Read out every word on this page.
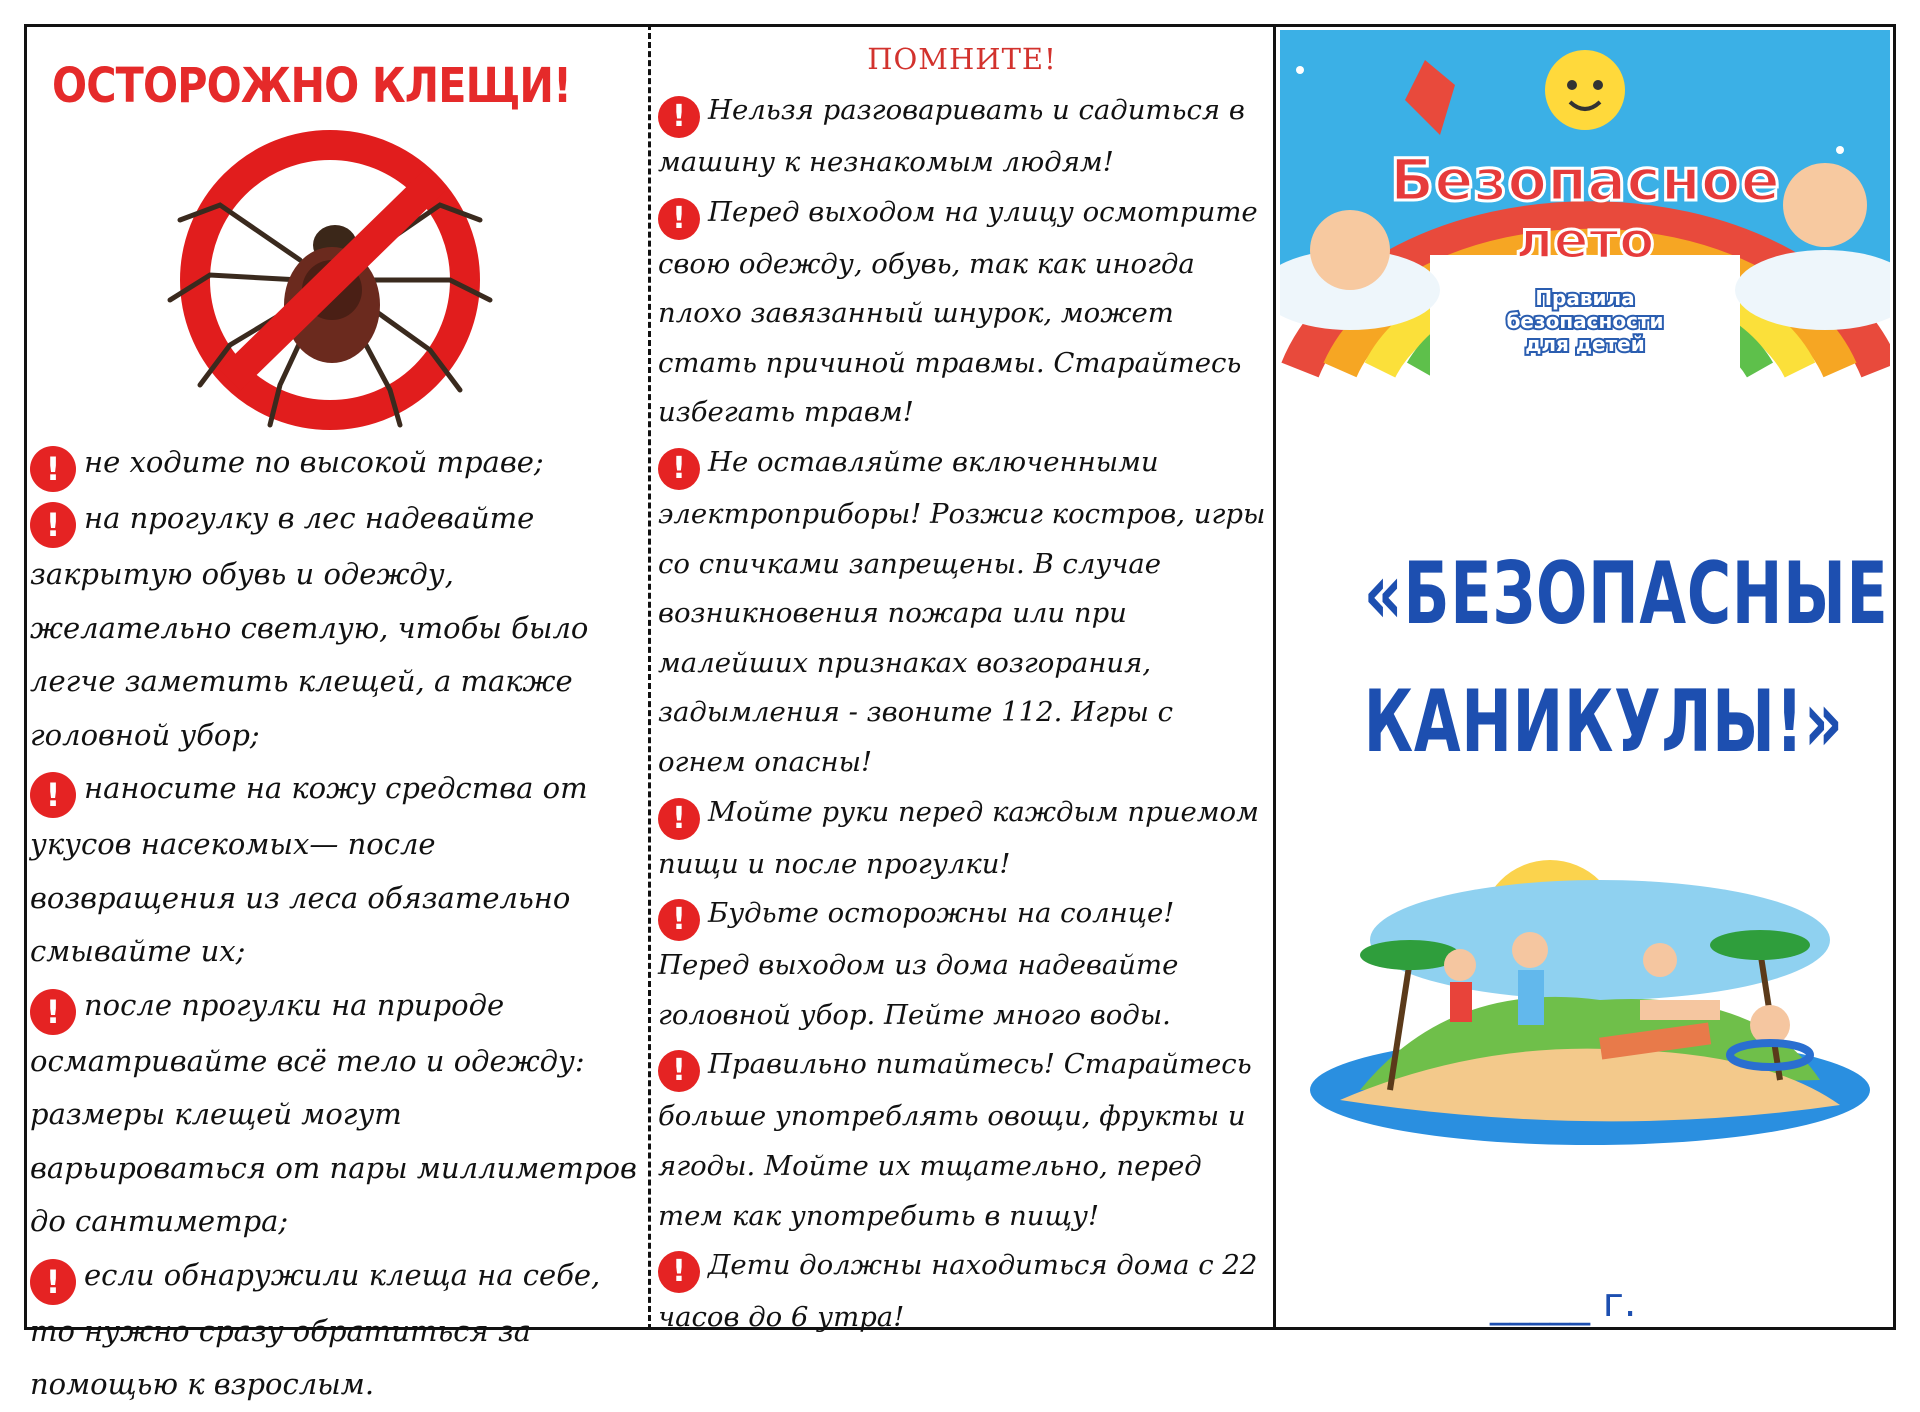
ОСТОРОЖНО КЛЕЩИ!

! не ходите по высокой траве;

! на прогулку в лес надевайте закрытую обувь и одежду, желательно светлую, чтобы было легче заметить клещей, а также головной убор;

! наносите на кожу средства от укусов насекомых— после возвращения из леса обязательно смывайте их;

! после прогулки на природе осматривайте всё тело и одежду: размеры клещей могут варьироваться от пары миллиметров до сантиметра;

! если обнаружили клеща на себе, то нужно сразу обратиться за помощью к взрослым.

ПОМНИТЕ!

! Нельзя разговаривать и садиться в машину к незнакомым людям!

! Перед выходом на улицу осмотрите свою одежду, обувь, так как иногда плохо завязанный шнурок, может стать причиной травмы. Старайтесь избегать травм!

! Не оставляйте включенными электроприборы! Розжиг костров, игры со спичками запрещены. В случае возникновения пожара или при малейших признаках возгорания, задымления - звоните 112. Игры с огнем опасны!

! Мойте руки перед каждым приемом пищи и после прогулки!

! Будьте осторожны на солнце! Перед выходом из дома надевайте головной убор. Пейте много воды.

! Правильно питайтесь! Старайтесь больше употреблять овощи, фрукты и ягоды. Мойте их тщательно, перед тем как употребить в пищу!

! Дети должны находиться дома с 22 часов до 6 утра!

Безопасное
лето
Правила
безопасности
для детей
«БЕЗОПАСНЫЕ
КАНИКУЛЫ!»
_____ г.
